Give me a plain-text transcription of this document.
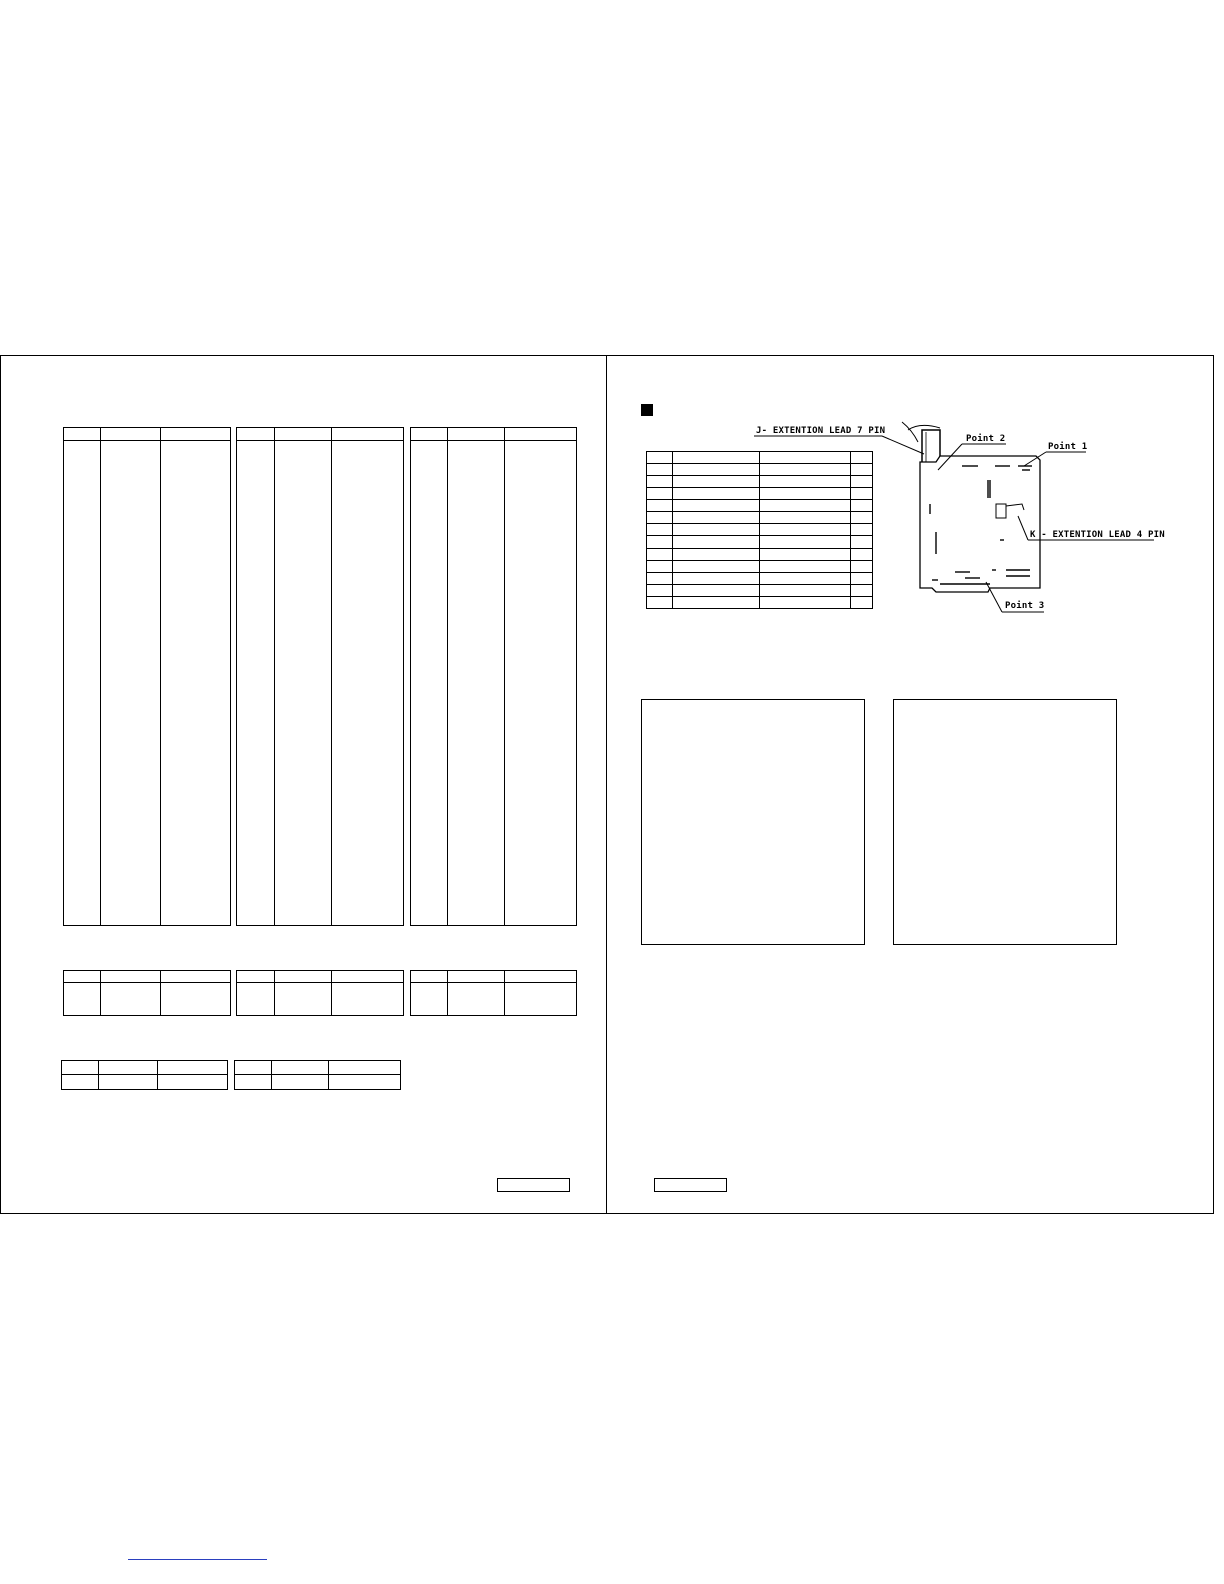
J- EXTENTION LEAD 7 PIN
Point 2
Point 1
K - EXTENTION LEAD 4 PIN
Point 3
